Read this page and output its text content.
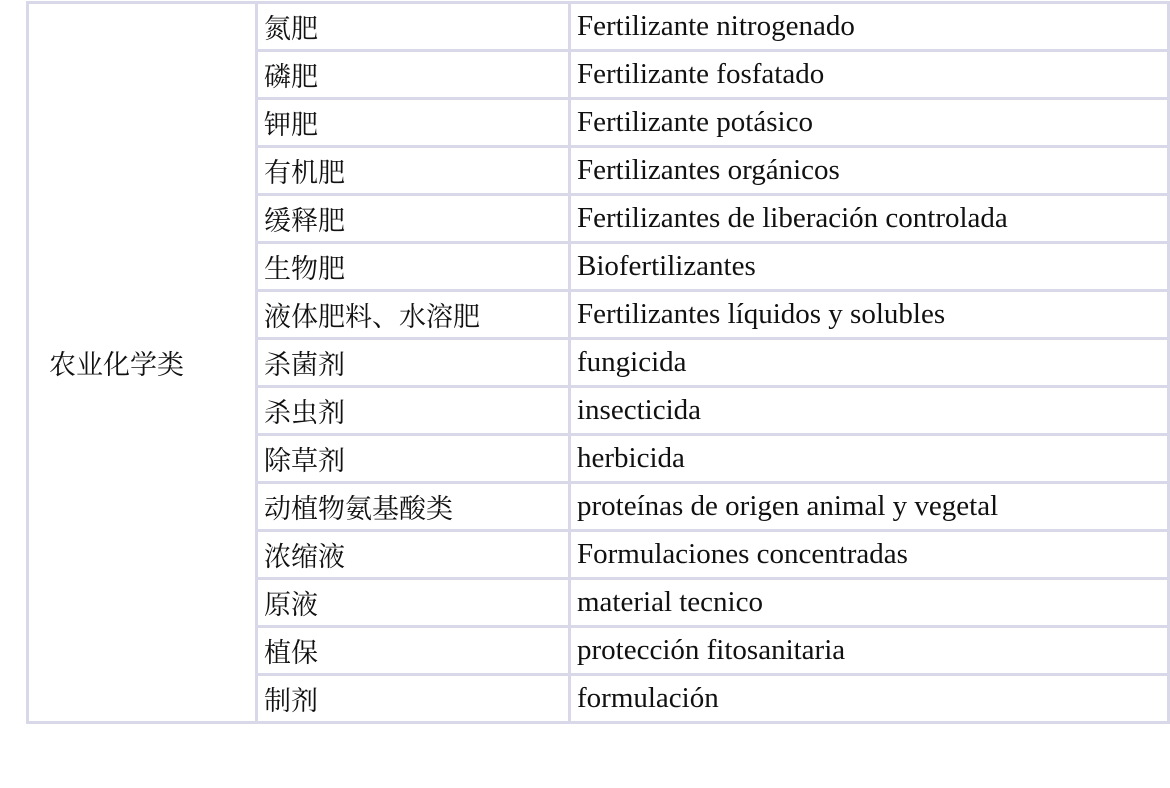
农业化学类	氮肥	Fertilizante nitrogenado
	磷肥	Fertilizante fosfatado
	钾肥	Fertilizante potásico
	有机肥	Fertilizantes orgánicos
	缓释肥	Fertilizantes de liberación controlada
	生物肥	Biofertilizantes
	液体肥料、水溶肥	Fertilizantes líquidos y solubles
	杀菌剂	fungicida
	杀虫剂	insecticida
	除草剂	herbicida
	动植物氨基酸类	proteínas de origen animal y vegetal
	浓缩液	Formulaciones concentradas
	原液	material tecnico
	植保	protección fitosanitaria
	制剂	formulación
